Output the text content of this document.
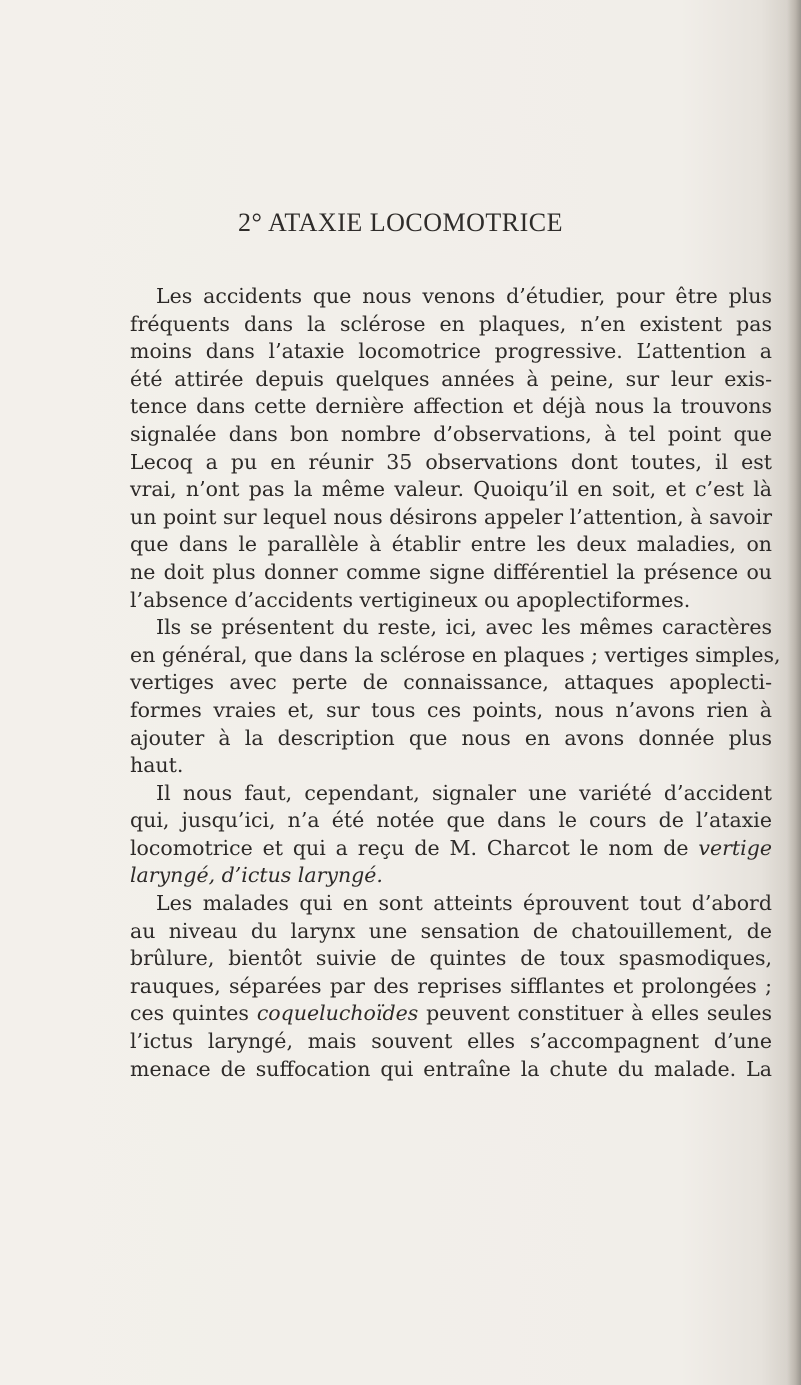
2° ATAXIE LOCOMOTRICE
Les accidents que nous venons d’étudier, pour être plus
fréquents dans la sclérose en plaques, n’en existent pas
moins dans l’ataxie locomotrice progressive. L’attention a
été attirée depuis quelques années à peine, sur leur exis-
tence dans cette dernière affection et déjà nous la trouvons
signalée dans bon nombre d’observations, à tel point que
Lecoq a pu en réunir 35 observations dont toutes, il est
vrai, n’ont pas la même valeur. Quoiqu’il en soit, et c’est là
un point sur lequel nous désirons appeler l’attention, à savoir
que dans le parallèle à établir entre les deux maladies, on
ne doit plus donner comme signe différentiel la présence ou
l’absence d’accidents vertigineux ou apoplectiformes.
Ils se présentent du reste, ici, avec les mêmes caractères
en général, que dans la sclérose en plaques ; vertiges simples,
vertiges avec perte de connaissance, attaques apoplecti-
formes vraies et, sur tous ces points, nous n’avons rien à
ajouter à la description que nous en avons donnée plus
haut.
Il nous faut, cependant, signaler une variété d’accident
qui, jusqu’ici, n’a été notée que dans le cours de l’ataxie
locomotrice et qui a reçu de M. Charcot le nom de vertige
laryngé, d’ictus laryngé.
Les malades qui en sont atteints éprouvent tout d’abord
au niveau du larynx une sensation de chatouillement, de
brûlure, bientôt suivie de quintes de toux spasmodiques,
rauques, séparées par des reprises sifflantes et prolongées ;
ces quintes coqueluchoïdes peuvent constituer à elles seules
l’ictus laryngé, mais souvent elles s’accompagnent d’une
menace de suffocation qui entraîne la chute du malade. La
